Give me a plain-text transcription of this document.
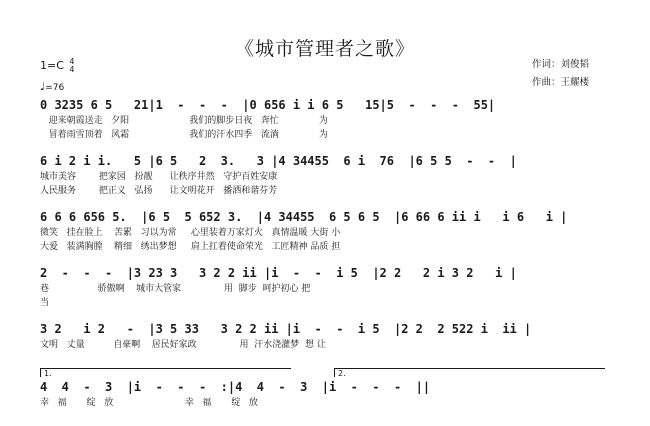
《城市管理者之歌》
作词：刘俊韬
作曲：王耀楼
1=C 4
4
♩=76
0 3235 6 5   21|1  -  -  -  |0 656 i i 6 5   15|5  -  -  -  55|
迎来朝霞送走   夕阳                     我们的脚步日夜   奔忙              为
冒着雨雪顶着   风霜                     我们的汗水四季   流淌              为
6 i 2 i i.   5 |6 5   2  3.   3 |4 34455  6 i  76  |6 5 5  -  -  |
城市美容        把家园   扮靓      让秩序井然   守护百姓安康
人民服务        把正义   弘扬      让文明花开   播洒和谐芬芳
6 6 6 656 5.  |6 5  5 652 3.  |4 34455  6 5 6 5  |6 66 6 ii i   i 6   i |
微笑   挂在脸上    苦累   习以为常     心里装着万家灯火   真情温暖 大街 小
大爱   装满胸膛    精细   绣出梦想     肩上扛着使命荣光   工匠精神 品质 担
2  -  -  -  |3 23 3   3 2 2 ii |i  -  -  i 5  |2 2   2 i 3 2   i |
巷                 骄傲啊    城市大管家               用  脚步  呵护初心 把
当
3 2   i 2   -  |3 5 33   3 2 2 ii |i  -  -  i 5  |2 2  2 522 i  ii |
文明   丈量          自豪啊    居民好家政               用  汗水浇灌梦  想 让
1.	2.
4  4  -  3  |i  -  -  -  :|4  4  -  3  |i  -  -  -  ||
幸   福       绽   放                         幸   福       绽   放
